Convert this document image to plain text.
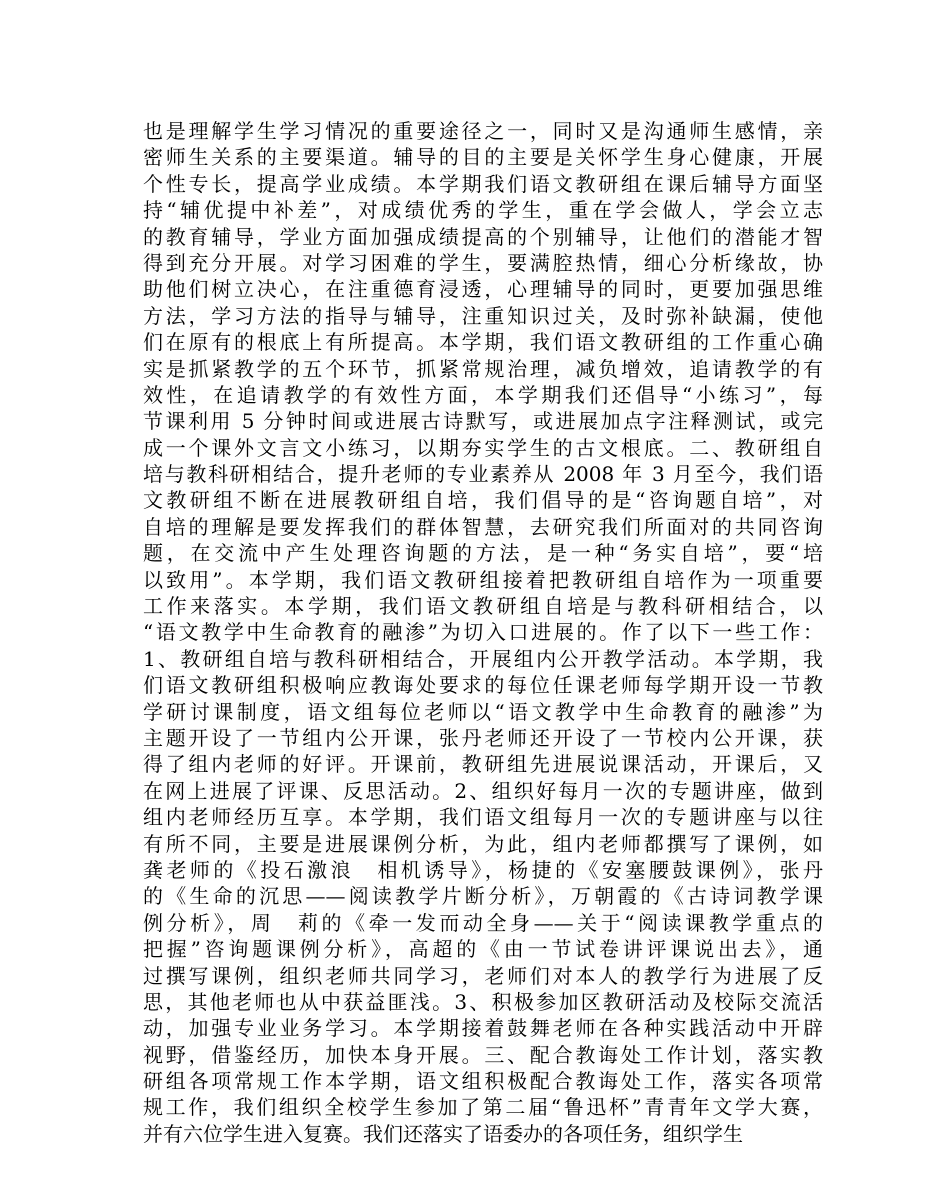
也是理解学生学习情况的重要途径之一，同时又是沟通师生感情，亲
密师生关系的主要渠道。辅导的目的主要是关怀学生身心健康，开展
个性专长，提高学业成绩。本学期我们语文教研组在课后辅导方面坚
持“辅优提中补差”，对成绩优秀的学生，重在学会做人，学会立志
的教育辅导，学业方面加强成绩提高的个别辅导，让他们的潜能才智
得到充分开展。对学习困难的学生，要满腔热情，细心分析缘故，协
助他们树立决心，在注重德育浸透，心理辅导的同时，更要加强思维
方法，学习方法的指导与辅导，注重知识过关，及时弥补缺漏，使他
们在原有的根底上有所提高。本学期，我们语文教研组的工作重心确
实是抓紧教学的五个环节，抓紧常规治理，减负增效，追请教学的有
效性，在追请教学的有效性方面，本学期我们还倡导“小练习”，每
节课利用 5 分钟时间或进展古诗默写，或进展加点字注释测试，或完
成一个课外文言文小练习，以期夯实学生的古文根底。二、教研组自
培与教科研相结合，提升老师的专业素养从 2008 年 3 月至今，我们语
文教研组不断在进展教研组自培，我们倡导的是“咨询题自培”，对
自培的理解是要发挥我们的群体智慧，去研究我们所面对的共同咨询
题，在交流中产生处理咨询题的方法，是一种“务实自培”，要“培
以致用”。本学期，我们语文教研组接着把教研组自培作为一项重要
工作来落实。本学期，我们语文教研组自培是与教科研相结合，以
“语文教学中生命教育的融渗”为切入口进展的。作了以下一些工作：
1、教研组自培与教科研相结合，开展组内公开教学活动。本学期，我
们语文教研组积极响应教诲处要求的每位任课老师每学期开设一节教
学研讨课制度，语文组每位老师以“语文教学中生命教育的融渗”为
主题开设了一节组内公开课，张丹老师还开设了一节校内公开课，获
得了组内老师的好评。开课前，教研组先进展说课活动，开课后，又
在网上进展了评课、反思活动。2、组织好每月一次的专题讲座，做到
组内老师经历互享。本学期，我们语文组每月一次的专题讲座与以往
有所不同，主要是进展课例分析，为此，组内老师都撰写了课例，如
龚老师的《投石激浪　相机诱导》，杨捷的《安塞腰鼓课例》，张丹
的《生命的沉思——阅读教学片断分析》，万朝霞的《古诗词教学课
例分析》，周　莉的《牵一发而动全身——关于“阅读课教学重点的
把握”咨询题课例分析》，高超的《由一节试卷讲评课说出去》，通
过撰写课例，组织老师共同学习，老师们对本人的教学行为进展了反
思，其他老师也从中获益匪浅。3、积极参加区教研活动及校际交流活
动，加强专业业务学习。本学期接着鼓舞老师在各种实践活动中开辟
视野，借鉴经历，加快本身开展。三、配合教诲处工作计划，落实教
研组各项常规工作本学期，语文组积极配合教诲处工作，落实各项常
规工作，我们组织全校学生参加了第二届“鲁迅杯”青青年文学大赛，
并有六位学生进入复赛。我们还落实了语委办的各项任务，组织学生
